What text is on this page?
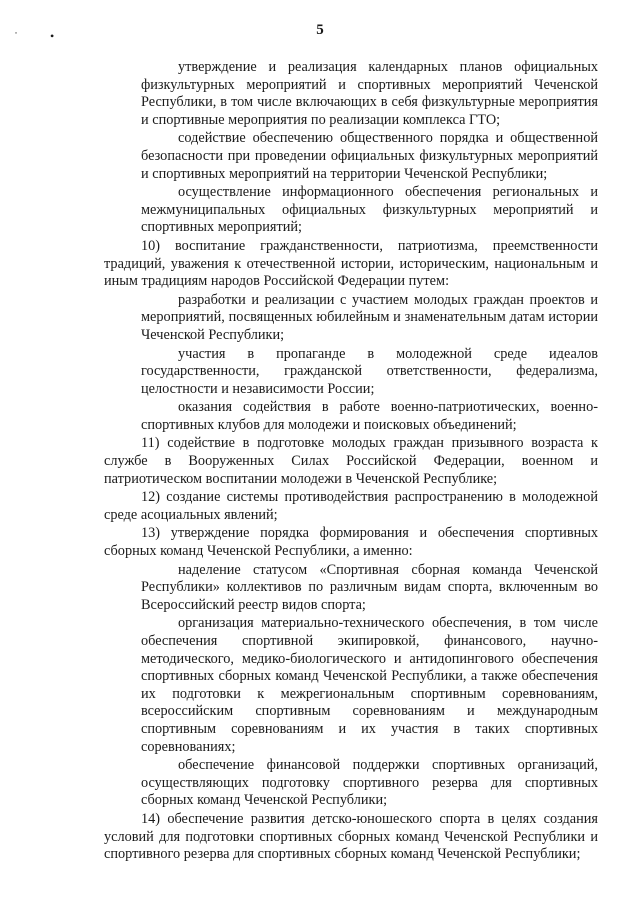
˙	•	5

утверждение и реализация календарных планов официальных физкультурных мероприятий и спортивных мероприятий Чеченской Республики, в том числе включающих в себя физкультурные мероприятия и спортивные мероприятия по реализации комплекса ГТО;

содействие обеспечению общественного порядка и общественной безопасности при проведении официальных физкультурных мероприятий и спортивных мероприятий на территории Чеченской Республики;

осуществление информационного обеспечения региональных и межмуниципальных официальных физкультурных мероприятий и спортивных мероприятий;

10) воспитание гражданственности, патриотизма, преемственности традиций, уважения к отечественной истории, историческим, национальным и иным традициям народов Российской Федерации путем:

разработки и реализации с участием молодых граждан проектов и мероприятий, посвященных юбилейным и знаменательным датам истории Чеченской Республики;

участия в пропаганде в молодежной среде идеалов государственности, гражданской ответственности, федерализма, целостности и независимости России;

оказания содействия в работе военно-патриотических, военно-спортивных клубов для молодежи и поисковых объединений;

11) содействие в подготовке молодых граждан призывного возраста к службе в Вооруженных Силах Российской Федерации, военном и патриотическом воспитании молодежи в Чеченской Республике;

12) создание системы противодействия распространению в молодежной среде асоциальных явлений;

13) утверждение порядка формирования и обеспечения спортивных сборных команд Чеченской Республики, а именно:

наделение статусом «Спортивная сборная команда Чеченской Республики» коллективов по различным видам спорта, включенным во Всероссийский реестр видов спорта;

организация материально-технического обеспечения, в том числе обеспечения спортивной экипировкой, финансового, научно-методического, медико-биологического и антидопингового обеспечения спортивных сборных команд Чеченской Республики, а также обеспечения их подготовки к межрегиональным спортивным соревнованиям, всероссийским спортивным соревнованиям и международным спортивным соревнованиям и их участия в таких спортивных соревнованиях;

обеспечение финансовой поддержки спортивных организаций, осуществляющих подготовку спортивного резерва для спортивных сборных команд Чеченской Республики;

14) обеспечение развития детско-юношеского спорта в целях создания условий для подготовки спортивных сборных команд Чеченской Республики и спортивного резерва для спортивных сборных команд Чеченской Республики;
